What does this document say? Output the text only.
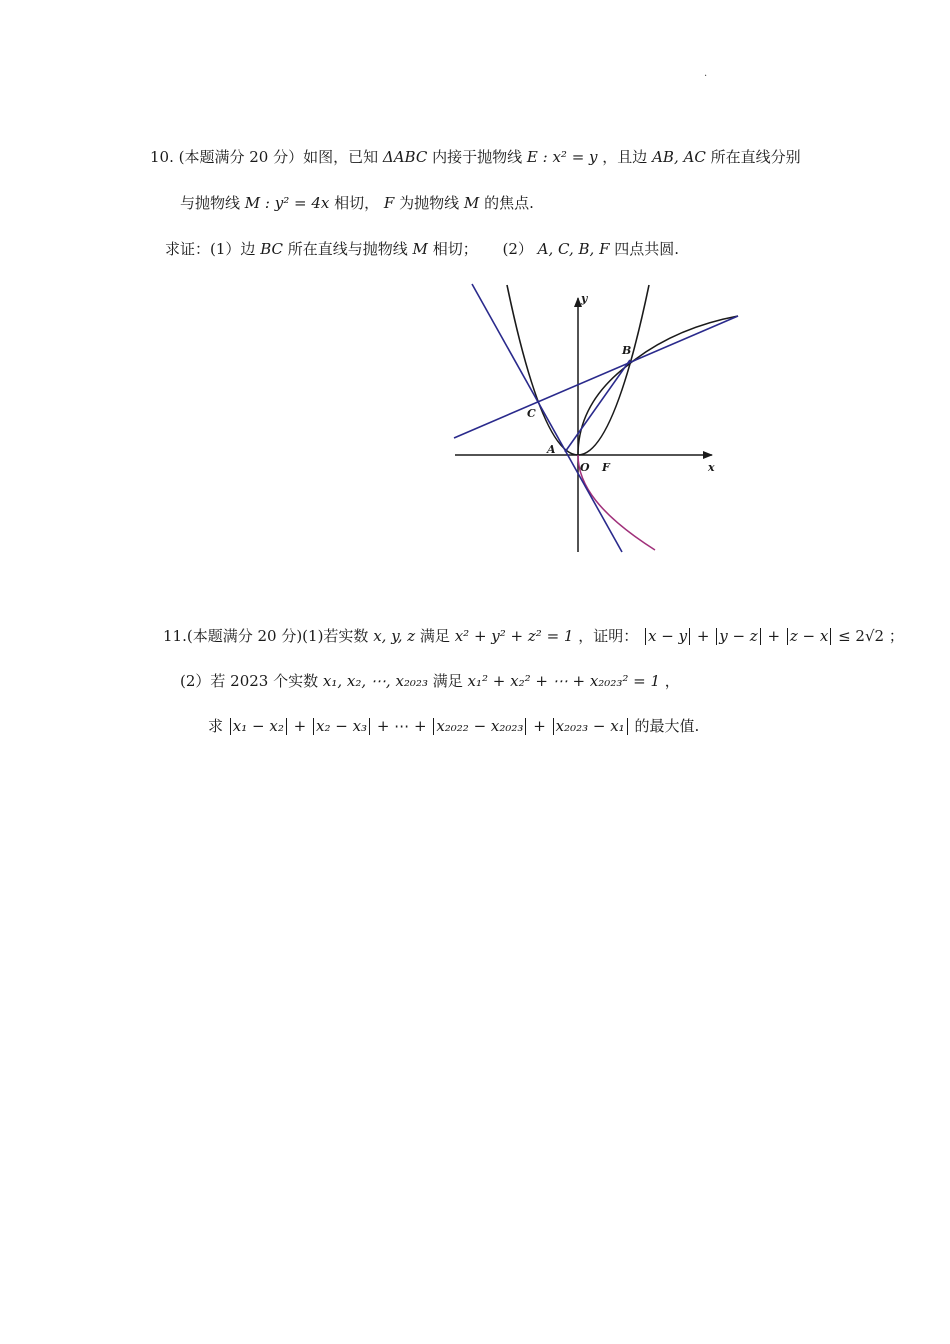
.
10. (本题满分 20 分）如图，已知 ΔABC 内接于抛物线 E : x² = y ，且边 AB, AC 所在直线分别
与抛物线 M : y² = 4x 相切， F 为抛物线 M 的焦点.
求证：(1）边 BC 所在直线与抛物线 M 相切； (2） A, C, B, F 四点共圆.
y
x
B
C
A
O F
11.(本题满分 20 分)(1)若实数 x, y, z 满足 x² + y² + z² = 1 ，证明： x − y + y − z + z − x ≤ 2√2 ；
(2）若 2023 个实数 x₁, x₂, ⋯, x₂₀₂₃ 满足 x₁² + x₂² + ⋯ + x₂₀₂₃² = 1 ，
求 x₁ − x₂ + x₂ − x₃ + ⋯ + x₂₀₂₂ − x₂₀₂₃ + x₂₀₂₃ − x₁ 的最大值.
